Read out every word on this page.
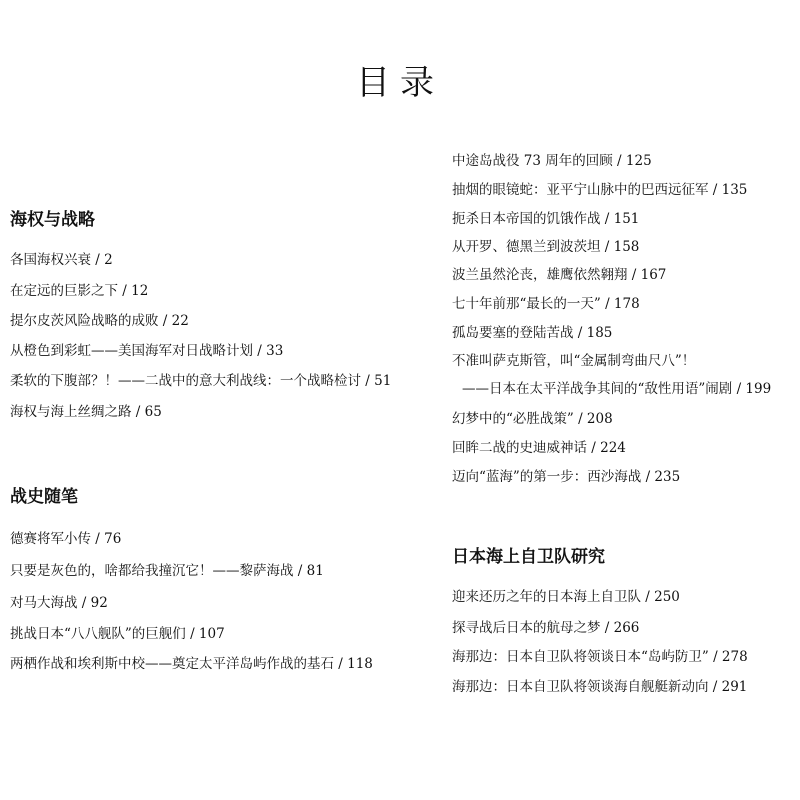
目录
海权与战略
各国海权兴衰 / 2
在定远的巨影之下 / 12
提尔皮茨风险战略的成败 / 22
从橙色到彩虹——美国海军对日战略计划 / 33
柔软的下腹部？！——二战中的意大利战线：一个战略检讨 / 51
海权与海上丝绸之路 / 65
战史随笔
德赛将军小传 / 76
只要是灰色的，啥都给我撞沉它！——黎萨海战 / 81
对马大海战 / 92
挑战日本“八八舰队”的巨舰们 / 107
两栖作战和埃利斯中校——奠定太平洋岛屿作战的基石 / 118
中途岛战役 73 周年的回顾 / 125
抽烟的眼镜蛇：亚平宁山脉中的巴西远征军 / 135
扼杀日本帝国的饥饿作战 / 151
从开罗、德黑兰到波茨坦 / 158
波兰虽然沦丧，雄鹰依然翱翔 / 167
七十年前那“最长的一天” / 178
孤岛要塞的登陆苦战 / 185
不准叫萨克斯管，叫“金属制弯曲尺八”！
——日本在太平洋战争其间的“敌性用语”闹剧 / 199
幻梦中的“必胜战策” / 208
回眸二战的史迪威神话 / 224
迈向“蓝海”的第一步：西沙海战 / 235
日本海上自卫队研究
迎来还历之年的日本海上自卫队 / 250
探寻战后日本的航母之梦 / 266
海那边：日本自卫队将领谈日本“岛屿防卫” / 278
海那边：日本自卫队将领谈海自舰艇新动向 / 291
